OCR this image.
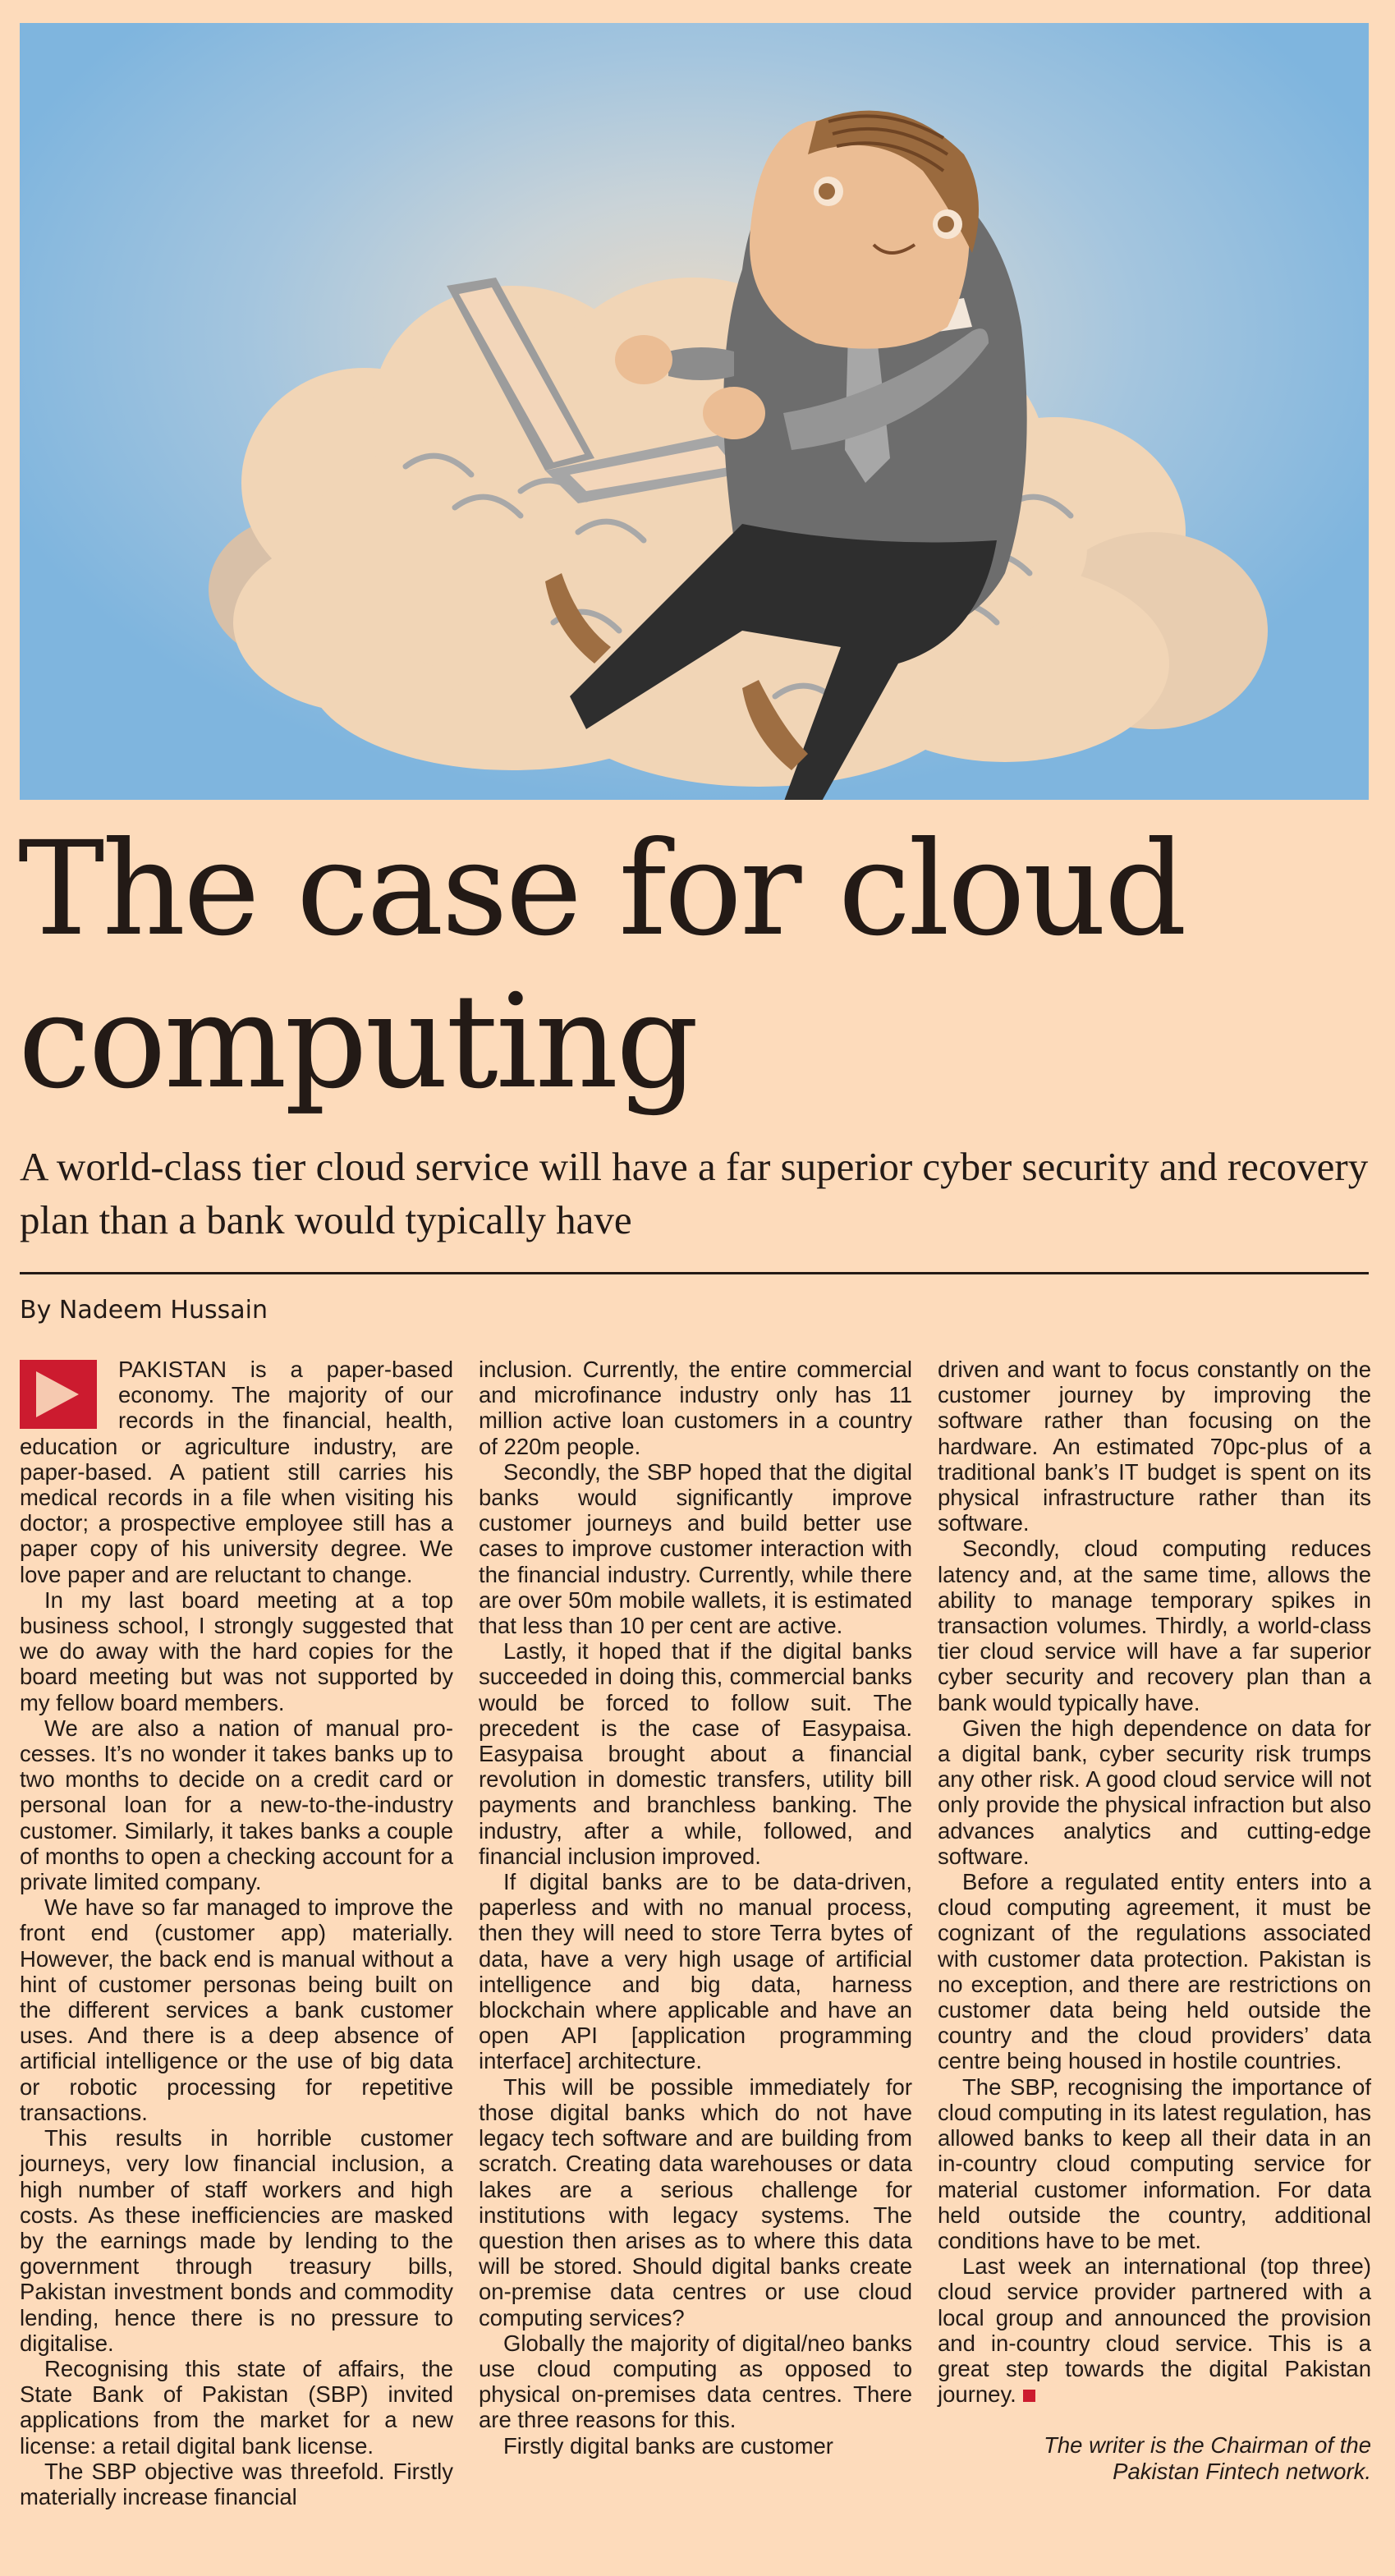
The case for cloud computing
A world-class tier cloud service will have a far superior cyber security and recovery plan than a bank would typically have
By Nadeem Hussain

PAKISTAN is a paper-based economy. The majority of our records in the financial, health, education or agriculture industry, are paper-based. A patient still carries his medical records in a file when visiting his doctor; a prospective employee still has a paper copy of his university degree. We love paper and are reluctant to change.

In my last board meeting at a top business school, I strongly suggested that we do away with the hard copies for the board meeting but was not supported by my fellow board members.

We are also a nation of manual processes. It’s no wonder it takes banks up to two months to decide on a credit card or personal loan for a new-to-the-industry customer. Similarly, it takes banks a couple of months to open a checking account for a private limited company.

We have so far managed to improve the front end (customer app) materially. However, the back end is manual without a hint of customer personas being built on the different services a bank customer uses. And there is a deep absence of artificial intelligence or the use of big data or robotic processing for repetitive transactions.

This results in horrible customer journeys, very low financial inclusion, a high number of staff workers and high costs. As these inefficiencies are masked by the earnings made by lending to the government through treasury bills, Pakistan investment bonds and commodity lending, hence there is no pressure to digitalise.

Recognising this state of affairs, the State Bank of Pakistan (SBP) invited applications from the market for a new license: a retail digital bank license.

The SBP objective was threefold. Firstly materially increase financial

inclusion. Currently, the entire commercial and microfinance industry only has 11 million active loan customers in a country of 220m people.

Secondly, the SBP hoped that the digital banks would significantly improve customer journeys and build better use cases to improve customer interaction with the financial industry. Currently, while there are over 50m mobile wallets, it is estimated that less than 10 per cent are active.

Lastly, it hoped that if the digital banks succeeded in doing this, commercial banks would be forced to follow suit. The precedent is the case of Easypaisa. Easypaisa brought about a financial revolution in domestic transfers, utility bill payments and branchless banking. The industry, after a while, followed, and financial inclusion improved.

If digital banks are to be data-driven, paperless and with no manual process, then they will need to store Terra bytes of data, have a very high usage of artificial intelligence and big data, harness blockchain where applicable and have an open API [application programming interface] architecture.

This will be possible immediately for those digital banks which do not have legacy tech software and are building from scratch. Creating data warehouses or data lakes are a serious challenge for institutions with legacy systems. The question then arises as to where this data will be stored. Should digital banks create on-premise data centres or use cloud computing services?

Globally the majority of digital/neo banks use cloud computing as opposed to physical on-premises data centres. There are three reasons for this.

Firstly digital banks are customer

driven and want to focus constantly on the customer journey by improving the software rather than focusing on the hardware. An estimated 70pc-plus of a traditional bank’s IT budget is spent on its physical infrastructure rather than its software.

Secondly, cloud computing reduces latency and, at the same time, allows the ability to manage temporary spikes in transaction volumes. Thirdly, a world-class tier cloud service will have a far superior cyber security and recovery plan than a bank would typically have.

Given the high dependence on data for a digital bank, cyber security risk trumps any other risk. A good cloud service will not only provide the physical infraction but also advances analytics and cutting-edge software.

Before a regulated entity enters into a cloud computing agreement, it must be cognizant of the regulations associated with customer data protection. Pakistan is no exception, and there are restrictions on customer data being held outside the country and the cloud providers’ data centre being housed in hostile countries.

The SBP, recognising the importance of cloud computing in its latest regulation, has allowed banks to keep all their data in an in-country cloud computing service for material customer information. For data held outside the country, additional conditions have to be met.

Last week an international (top three) cloud service provider partnered with a local group and announced the provision and in-country cloud service. This is a great step towards the digital Pakistan journey.

The writer is the Chairman of the
Pakistan Fintech network.
